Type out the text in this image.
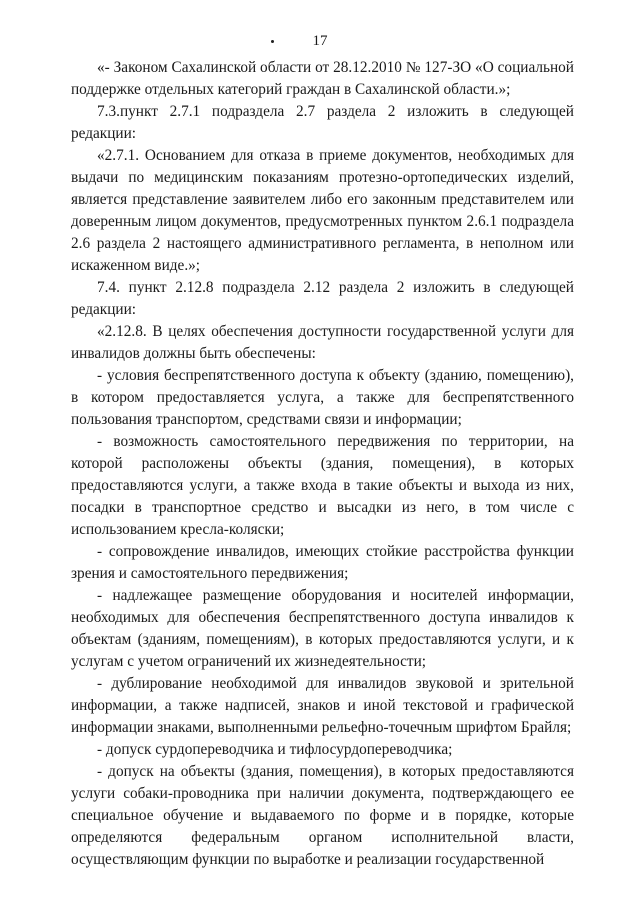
17

«- Законом Сахалинской области от 28.12.2010 № 127-ЗО «О социальной поддержке отдельных категорий граждан в Сахалинской области.»;

7.3.пункт 2.7.1 подраздела 2.7 раздела 2 изложить в следующей редакции:

«2.7.1. Основанием для отказа в приеме документов, необходимых для выдачи по медицинским показаниям протезно-ортопедических изделий, является представление заявителем либо его законным представителем или доверенным лицом документов, предусмотренных пунктом 2.6.1 подраздела 2.6 раздела 2 настоящего административного регламента, в неполном или искаженном виде.»;

7.4. пункт 2.12.8 подраздела 2.12 раздела 2 изложить в следующей редакции:

«2.12.8. В целях обеспечения доступности государственной услуги для инвалидов должны быть обеспечены:

- условия беспрепятственного доступа к объекту (зданию, помещению), в котором предоставляется услуга, а также для беспрепятственного пользования транспортом, средствами связи и информации;

- возможность самостоятельного передвижения по территории, на которой расположены объекты (здания, помещения), в которых предоставляются услуги, а также входа в такие объекты и выхода из них, посадки в транспортное средство и высадки из него, в том числе с использованием кресла-коляски;

- сопровождение инвалидов, имеющих стойкие расстройства функции зрения и самостоятельного передвижения;

- надлежащее размещение оборудования и носителей информации, необходимых для обеспечения беспрепятственного доступа инвалидов к объектам (зданиям, помещениям), в которых предоставляются услуги, и к услугам с учетом ограничений их жизнедеятельности;

- дублирование необходимой для инвалидов звуковой и зрительной информации, а также надписей, знаков и иной текстовой и графической информации знаками, выполненными рельефно-точечным шрифтом Брайля;

- допуск сурдопереводчика и тифлосурдопереводчика;

- допуск на объекты (здания, помещения), в которых предоставляются услуги собаки-проводника при наличии документа, подтверждающего ее специальное обучение и выдаваемого по форме и в порядке, которые определяются федеральным органом исполнительной власти, осуществляющим функции по выработке и реализации государственной
